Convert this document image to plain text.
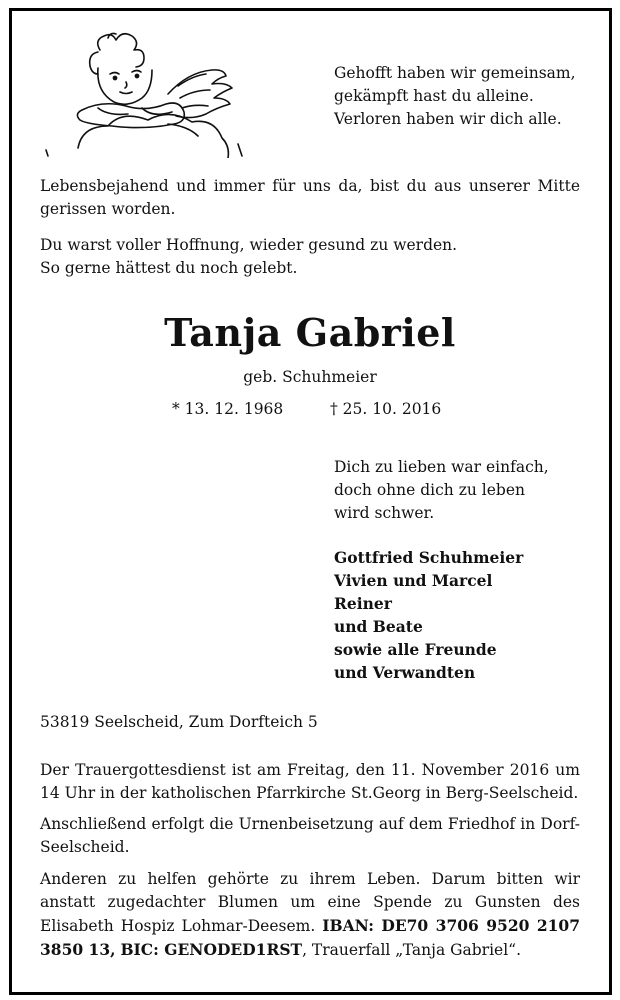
Gehofft haben wir gemeinsam,
gekämpft hast du alleine.
Verloren haben wir dich alle.

Lebensbejahend und immer für uns da, bist du aus unserer Mitte gerissen worden.

Du warst voller Hoffnung, wieder gesund zu werden.
So gerne hättest du noch gelebt.
Tanja Gabriel
geb. Schuhmeier
* 13. 12. 1968	† 25. 10. 2016
Dich zu lieben war einfach,
doch ohne dich zu leben
wird schwer.
Gottfried Schuhmeier
Vivien und Marcel
Reiner
und Beate
sowie alle Freunde
und Verwandten
53819 Seelscheid, Zum Dorfteich 5

Der Trauergottesdienst ist am Freitag, den 11. November 2016 um 14 Uhr in der katholischen Pfarrkirche St.Georg in Berg-Seelscheid.

Anschließend erfolgt die Urnenbeisetzung auf dem Friedhof in Dorf-Seelscheid.

Anderen zu helfen gehörte zu ihrem Leben. Darum bitten wir anstatt zugedachter Blumen um eine Spende zu Gunsten des Elisabeth Hospiz Lohmar-Deesem. IBAN: DE70 3706 9520 2107 3850 13, BIC: GENODED1RST, Trauerfall „Tanja Gabriel“.
